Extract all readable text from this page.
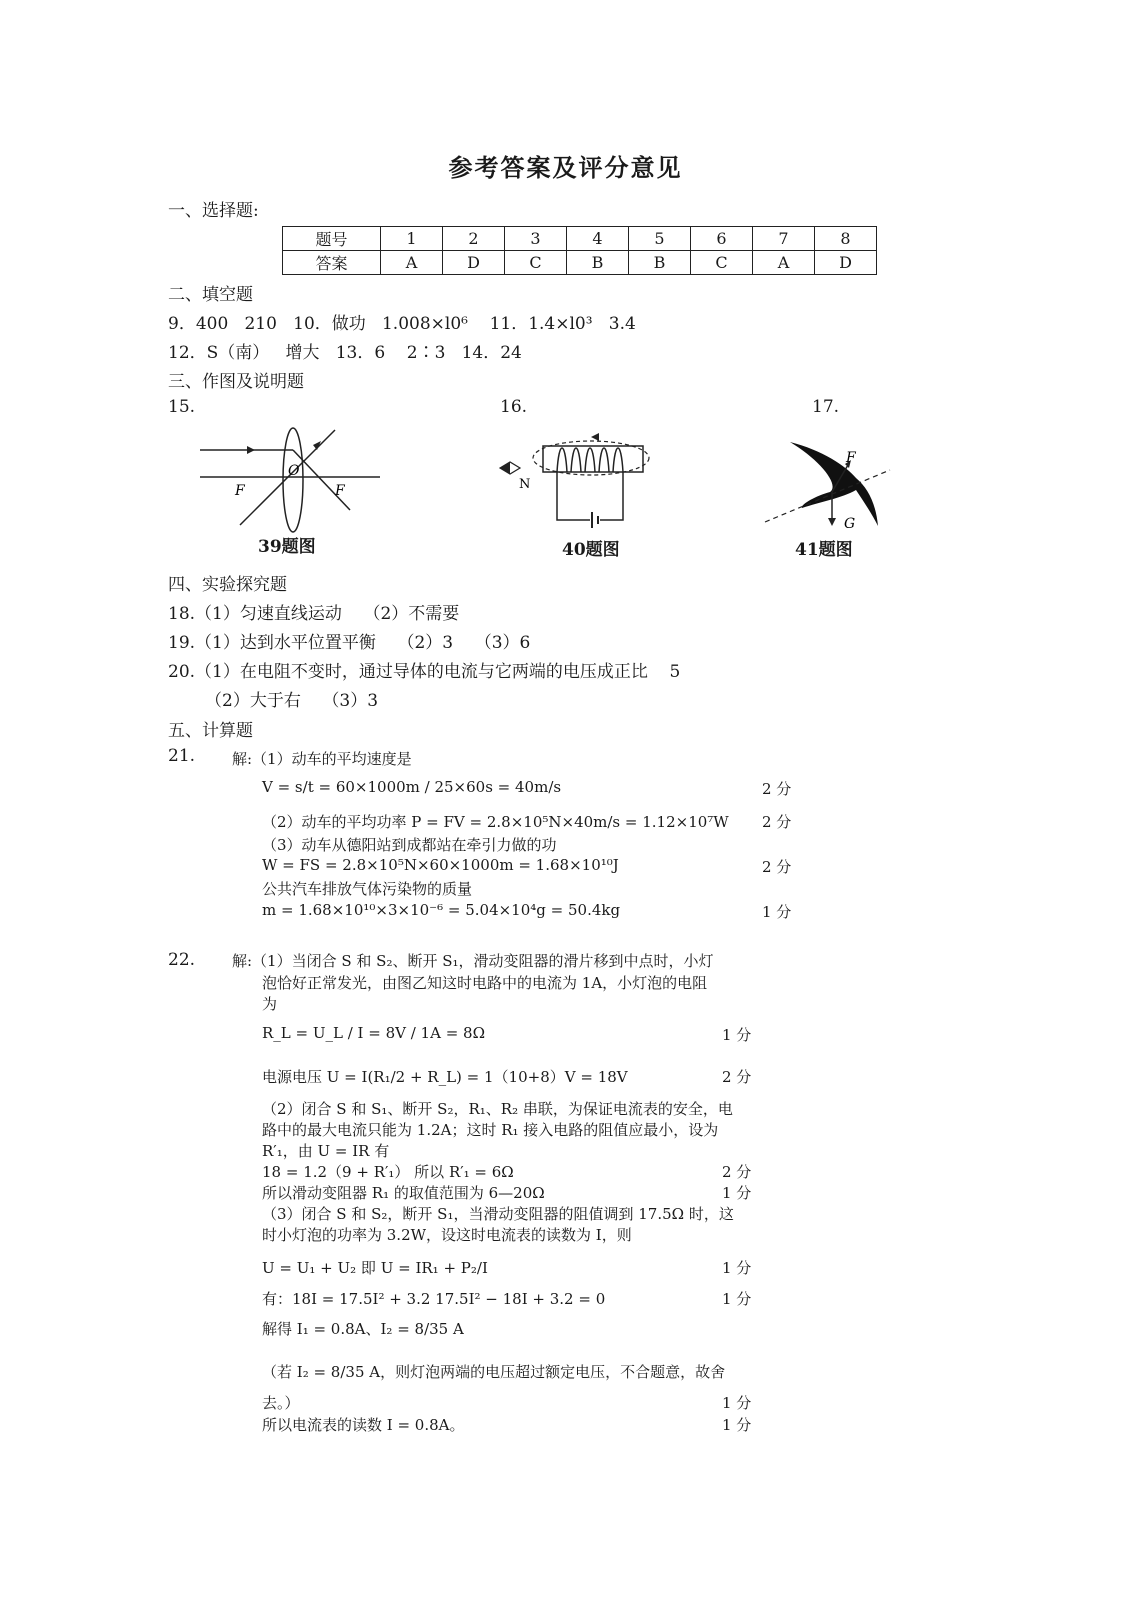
参考答案及评分意见
一、选择题:
题号	1	2	3	4	5	6	7	8
答案	A	D	C	B	B	C	A	D
二、填空题
9．400   210   10．做功   1.008×l0⁶    11．1.4×l0³   3.4
12．S（南）   增大   13．6    2∶3   14．24
三、作图及说明题
15.	16.	17.
O
F	F
39题图
N
40题图
F
G
41题图
四、实验探究题
18.（1）匀速直线运动    （2）不需要
19.（1）达到水平位置平衡    （2）3    （3）6
20.（1）在电阻不变时，通过导体的电流与它两端的电压成正比    5
（2）大于右    （3）3
五、计算题
21. 解:（1）动车的平均速度是
V = s/t = 60×1000m / 25×60s = 40m/s	2 分
（2）动车的平均功率 P = FV = 2.8×10⁵N×40m/s = 1.12×10⁷W 2 分
（3）动车从德阳站到成都站在牵引力做的功
W = FS = 2.8×10⁵N×60×1000m = 1.68×10¹⁰J	2 分
公共汽车排放气体污染物的质量
m = 1.68×10¹⁰×3×10⁻⁶ = 5.04×10⁴g = 50.4kg	1 分
22. 解:（1）当闭合 S 和 S₂、断开 S₁，滑动变阻器的滑片移到中点时，小灯
泡恰好正常发光，由图乙知这时电路中的电流为 1A，小灯泡的电阻
为
R_L = U_L / I = 8V / 1A = 8Ω	1 分
电源电压 U = I(R₁/2 + R_L) = 1（10+8）V = 18V	2 分
（2）闭合 S 和 S₁、断开 S₂，R₁、R₂ 串联，为保证电流表的安全，电
路中的最大电流只能为 1.2A；这时 R₁ 接入电路的阻值应最小，设为
R′₁，由 U = IR 有
18 = 1.2（9 + R′₁） 所以 R′₁ = 6Ω	2 分
所以滑动变阻器 R₁ 的取值范围为 6—20Ω	1 分
（3）闭合 S 和 S₂，断开 S₁，当滑动变阻器的阻值调到 17.5Ω 时，这
时小灯泡的功率为 3.2W，设这时电流表的读数为 I，则
U = U₁ + U₂ 即 U = IR₁ + P₂/I	1 分
有：18I = 17.5I² + 3.2 17.5I² − 18I + 3.2 = 0	1 分
解得 I₁ = 0.8A、I₂ = 8/35 A
（若 I₂ = 8/35 A，则灯泡两端的电压超过额定电压，不合题意，故舍
去。）	1 分
所以电流表的读数 I = 0.8A。	1 分
